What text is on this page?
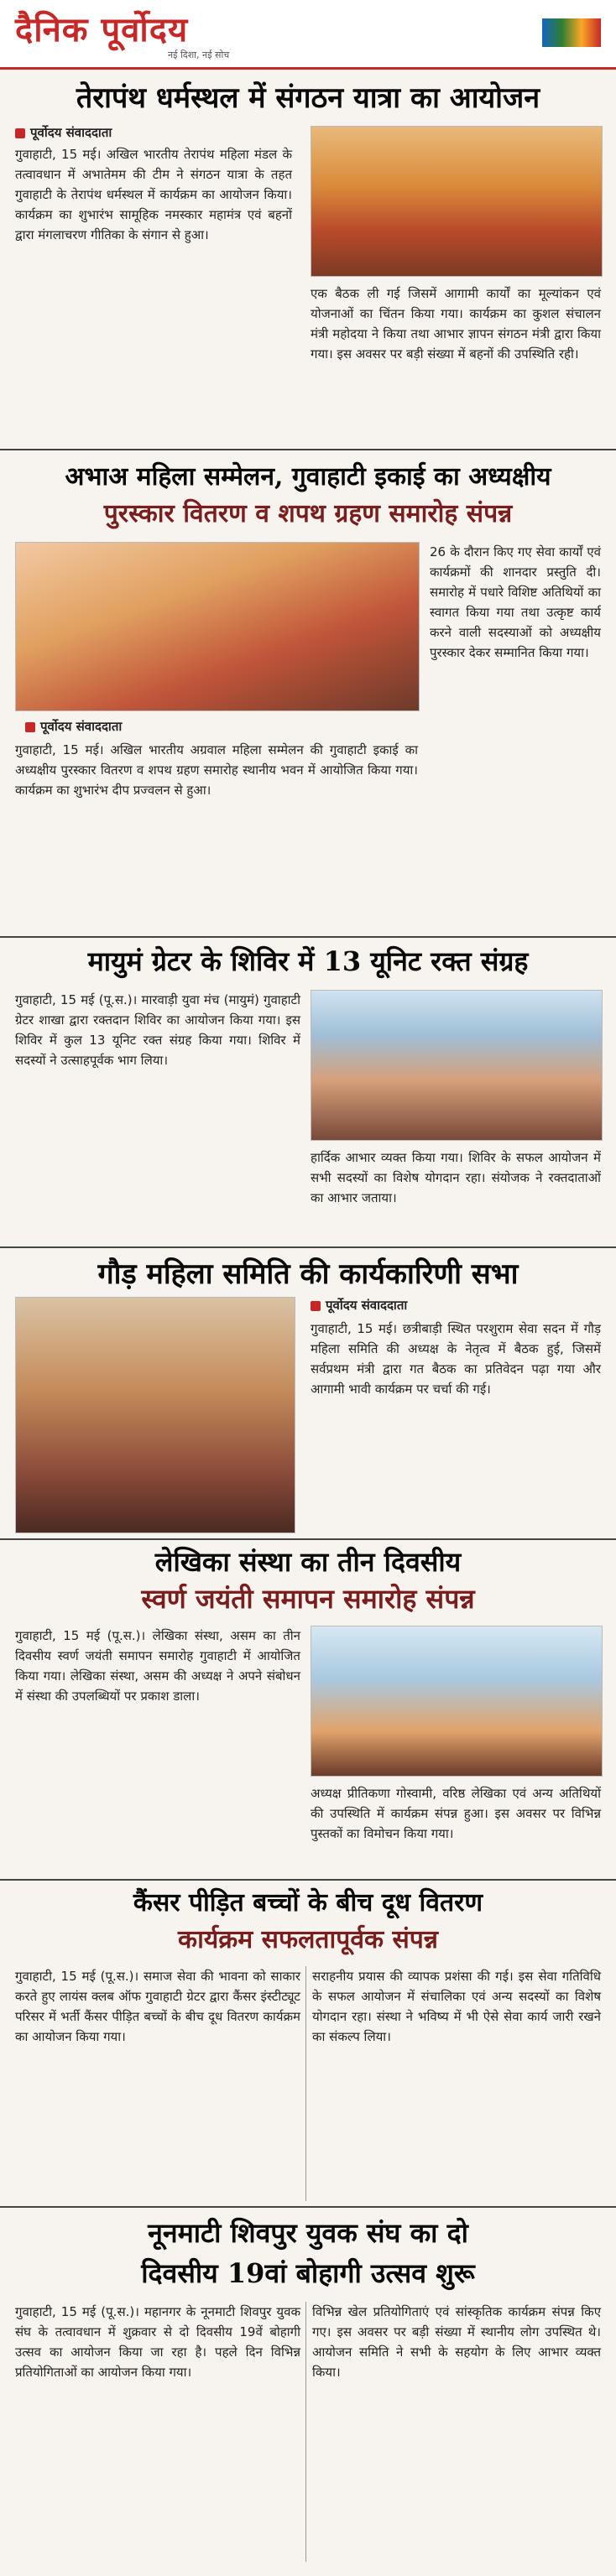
दैनिक पूर्वोदय
नई दिशा, नई सोच
तेरापंथ धर्मस्थल में संगठन यात्रा का आयोजन
पूर्वोदय संवाददाता
गुवाहाटी, 15 मई। अखिल भारतीय तेरापंथ महिला मंडल के तत्वावधान में अभातेमम की टीम ने संगठन यात्रा के तहत गुवाहाटी के तेरापंथ धर्मस्थल में कार्यक्रम का आयोजन किया। कार्यक्रम का शुभारंभ सामूहिक नमस्कार महामंत्र एवं बहनों द्वारा मंगलाचरण गीतिका के संगान से हुआ।
एक बैठक ली गई जिसमें आगामी कार्यों का मूल्यांकन एवं योजनाओं का चिंतन किया गया। कार्यक्रम का कुशल संचालन मंत्री महोदया ने किया तथा आभार ज्ञापन संगठन मंत्री द्वारा किया गया। इस अवसर पर बड़ी संख्या में बहनों की उपस्थिति रही।
अभाअ महिला सम्मेलन, गुवाहाटी इकाई का अध्यक्षीय
पुरस्कार वितरण व शपथ ग्रहण समारोह संपन्न
26 के दौरान किए गए सेवा कार्यों एवं कार्यक्रमों की शानदार प्रस्तुति दी। समारोह में पधारे विशिष्ट अतिथियों का स्वागत किया गया तथा उत्कृष्ट कार्य करने वाली सदस्याओं को अध्यक्षीय पुरस्कार देकर सम्मानित किया गया।
पूर्वोदय संवाददाता
गुवाहाटी, 15 मई। अखिल भारतीय अग्रवाल महिला सम्मेलन की गुवाहाटी इकाई का अध्यक्षीय पुरस्कार वितरण व शपथ ग्रहण समारोह स्थानीय भवन में आयोजित किया गया। कार्यक्रम का शुभारंभ दीप प्रज्वलन से हुआ।
मायुमं ग्रेटर के शिविर में 13 यूनिट रक्त संग्रह
गुवाहाटी, 15 मई (पू.स.)। मारवाड़ी युवा मंच (मायुमं) गुवाहाटी ग्रेटर शाखा द्वारा रक्तदान शिविर का आयोजन किया गया। इस शिविर में कुल 13 यूनिट रक्त संग्रह किया गया। शिविर में सदस्यों ने उत्साहपूर्वक भाग लिया।
हार्दिक आभार व्यक्त किया गया। शिविर के सफल आयोजन में सभी सदस्यों का विशेष योगदान रहा। संयोजक ने रक्तदाताओं का आभार जताया।
गौड़ महिला समिति की कार्यकारिणी सभा
पूर्वोदय संवाददाता
गुवाहाटी, 15 मई। छत्रीबाड़ी स्थित परशुराम सेवा सदन में गौड़ महिला समिति की अध्यक्ष के नेतृत्व में बैठक हुई, जिसमें सर्वप्रथम मंत्री द्वारा गत बैठक का प्रतिवेदन पढ़ा गया और आगामी भावी कार्यक्रम पर चर्चा की गई।
लेखिका संस्था का तीन दिवसीय
स्वर्ण जयंती समापन समारोह संपन्न
गुवाहाटी, 15 मई (पू.स.)। लेखिका संस्था, असम का तीन दिवसीय स्वर्ण जयंती समापन समारोह गुवाहाटी में आयोजित किया गया। लेखिका संस्था, असम की अध्यक्ष ने अपने संबोधन में संस्था की उपलब्धियों पर प्रकाश डाला।
अध्यक्ष प्रीतिकणा गोस्वामी, वरिष्ठ लेखिका एवं अन्य अतिथियों की उपस्थिति में कार्यक्रम संपन्न हुआ। इस अवसर पर विभिन्न पुस्तकों का विमोचन किया गया।
कैंसर पीड़ित बच्चों के बीच दूध वितरण
कार्यक्रम सफलतापूर्वक संपन्न
गुवाहाटी, 15 मई (पू.स.)। समाज सेवा की भावना को साकार करते हुए लायंस क्लब ऑफ गुवाहाटी ग्रेटर द्वारा कैंसर इंस्टीट्यूट परिसर में भर्ती कैंसर पीड़ित बच्चों के बीच दूध वितरण कार्यक्रम का आयोजन किया गया।
सराहनीय प्रयास की व्यापक प्रशंसा की गई। इस सेवा गतिविधि के सफल आयोजन में संचालिका एवं अन्य सदस्यों का विशेष योगदान रहा। संस्था ने भविष्य में भी ऐसे सेवा कार्य जारी रखने का संकल्प लिया।
नूनमाटी शिवपुर युवक संघ का दो
दिवसीय 19वां बोहागी उत्सव शुरू
गुवाहाटी, 15 मई (पू.स.)। महानगर के नूनमाटी शिवपुर युवक संघ के तत्वावधान में शुक्रवार से दो दिवसीय 19वें बोहागी उत्सव का आयोजन किया जा रहा है। पहले दिन विभिन्न प्रतियोगिताओं का आयोजन किया गया।
विभिन्न खेल प्रतियोगिताएं एवं सांस्कृतिक कार्यक्रम संपन्न किए गए। इस अवसर पर बड़ी संख्या में स्थानीय लोग उपस्थित थे। आयोजन समिति ने सभी के सहयोग के लिए आभार व्यक्त किया।
